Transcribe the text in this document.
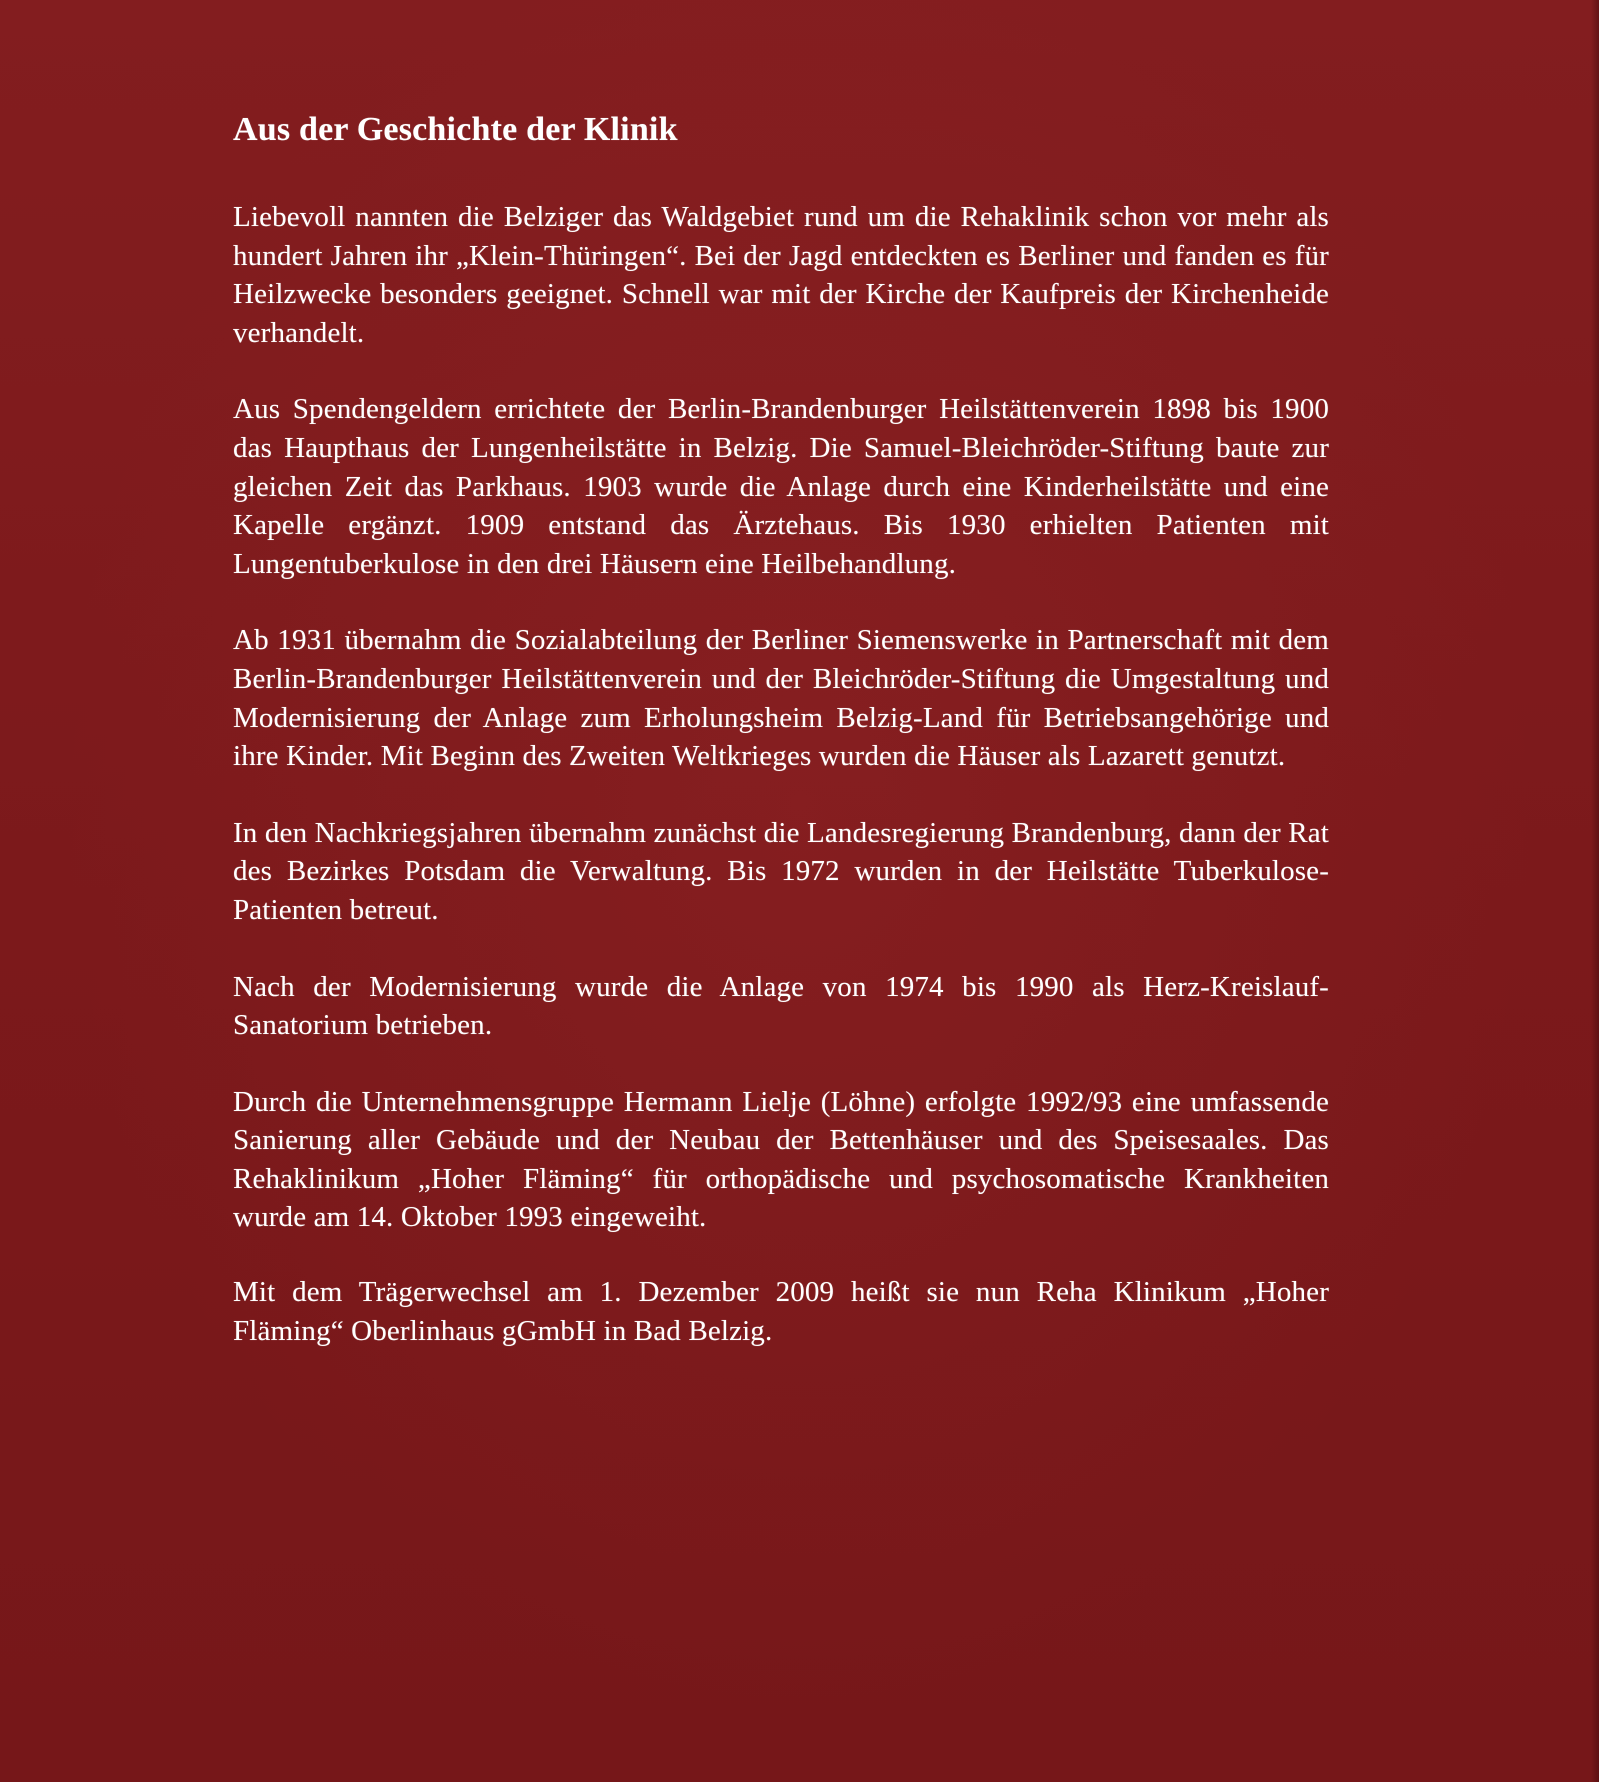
Aus der Geschichte der Klinik

Liebevoll nannten die Belziger das Waldgebiet rund um die Rehaklinik schon vor mehr als hundert Jahren ihr „Klein-Thüringen“. Bei der Jagd entdeckten es Berliner und fanden es für Heilzwecke besonders geeignet. Schnell war mit der Kirche der Kaufpreis der Kirchenheide verhandelt.

Aus Spendengeldern errichtete der Berlin-Brandenburger Heilstättenverein 1898 bis 1900 das Haupthaus der Lungenheilstätte in Belzig. Die Samuel-Bleichröder-Stiftung baute zur gleichen Zeit das Parkhaus. 1903 wurde die Anlage durch eine Kinderheilstätte und eine Kapelle ergänzt. 1909 entstand das Ärztehaus. Bis 1930 erhielten Patienten mit Lungentuberkulose in den drei Häusern eine Heilbehandlung.

Ab 1931 übernahm die Sozialabteilung der Berliner Siemenswerke in Partnerschaft mit dem Berlin-Brandenburger Heilstättenverein und der Bleichröder-Stiftung die Umgestaltung und Modernisierung der Anlage zum Erholungsheim Belzig-Land für Betriebsangehörige und ihre Kinder. Mit Beginn des Zweiten Weltkrieges wurden die Häuser als Lazarett genutzt.

In den Nachkriegsjahren übernahm zunächst die Landesregierung Brandenburg, dann der Rat des Bezirkes Potsdam die Verwaltung. Bis 1972 wurden in der Heilstätte Tuberkulose-Patienten betreut.

Nach der Modernisierung wurde die Anlage von 1974 bis 1990 als Herz-Kreislauf-Sanatorium betrieben.

Durch die Unternehmensgruppe Hermann Lielje (Löhne) erfolgte 1992/93 eine umfassende Sanierung aller Gebäude und der Neubau der Bettenhäuser und des Speisesaales. Das Rehaklinikum „Hoher Fläming“ für orthopädische und psychosomatische Krankheiten wurde am 14. Oktober 1993 eingeweiht.

Mit dem Trägerwechsel am 1. Dezember 2009 heißt sie nun Reha Klinikum „Hoher Fläming“ Oberlinhaus gGmbH in Bad Belzig.
